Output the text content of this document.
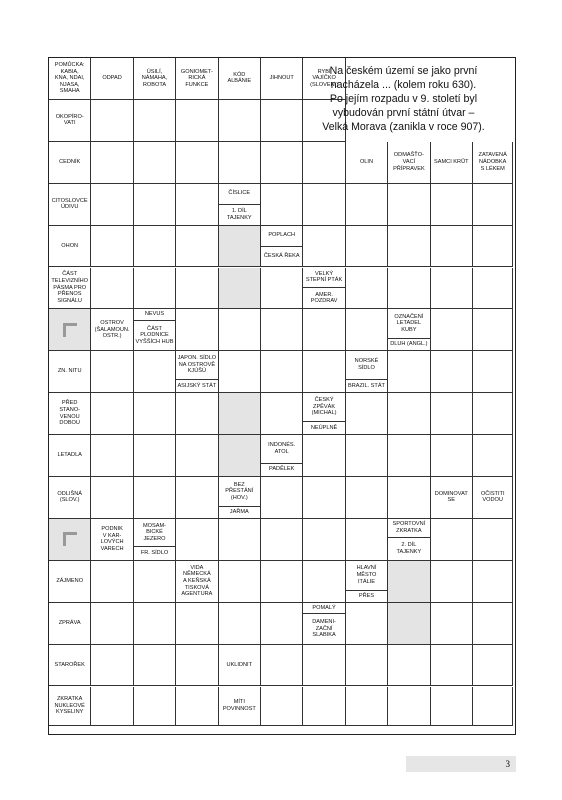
POMŮCKA:
KABIA,
KNA, NDAI,
NJASA,
SMAHA
ODPAD
ÚSILÍ,
NÁMAHA,
ROBOTA
GONIOMET-
RICKÁ
FUNKCE
KÓD
ALBÁNIE
JIHNOUT
RYBÍ
VAJÍČKO
(SLOVEN.)
OKOPÍRO-
VATI
CEDNÍK	OLIN
ODMAŠŤO-
VACÍ
PŘÍPRAVEK
SAMCI KRŮT
ZATAVENÁ
NÁDOBKA
S LÉKEM
CITOSLOVCE
ÚDIVU
ČÍSLICE
1. DÍL
TAJENKY
OHON
POPLACH
ČESKÁ ŘEKA
ČÁST
TELEVIZNÍHO
PÁSMA PRO
PŘENOS
SIGNÁLU
VELKÝ
STEPNÍ PTÁK
AMER.
POZDRAV
OSTROV
(ŠALAMOUN.
OSTR.)
NEVUS
ČÁST
PLODNICE
VYŠŠÍCH HUB
OZNAČENÍ
LETADEL
KUBY
DLUH (ANGL.)
ZN. NITU
JAPON. SÍDLO
NA OSTROVĚ
KJÚŠÚ
ASIJSKÝ STÁT
NORSKÉ
SÍDLO
BRAZIL. STÁT
PŘED
STANO-
VENOU
DOBOU
ČESKÝ
ZPĚVÁK
(MICHAL)
NEÚPLNĚ
LETADLA
INDONÉS.
ATOL
PADĚLEK
ODLIŠNÁ
(SLOV.)
BEZ
PŘESTÁNÍ
(HOV.)
JAŘMA
DOMINOVAT
SE
OČISTITI
VODOU
PODNIK
V KAR-
LOVÝCH
VARECH
MOSAM-
BICKÉ
JEZERO
FR. SÍDLO
SPORTOVNÍ
ZKRATKA
2. DÍL
TAJENKY
ZÁJMENO
VIDA
NĚMECKÁ
A KEŇSKÁ
TISKOVÁ
AGENTURA
HLAVNÍ
MĚSTO
ITÁLIE
PŘES
ZPRÁVA
POMALÝ
DAMENI-
ZAČNÍ
SLABIKA
STAROŘEK	UKLIDNIT
ZKRATKA
NUKLEOVÉ
KYSELINY
MÍTI
POVINNOST
Na českém území se jako první
nacházela ... (kolem roku 630).
Po jejím rozpadu v 9. století byl
vybudován první státní útvar –
Velká Morava (zanikla v roce 907).
3
